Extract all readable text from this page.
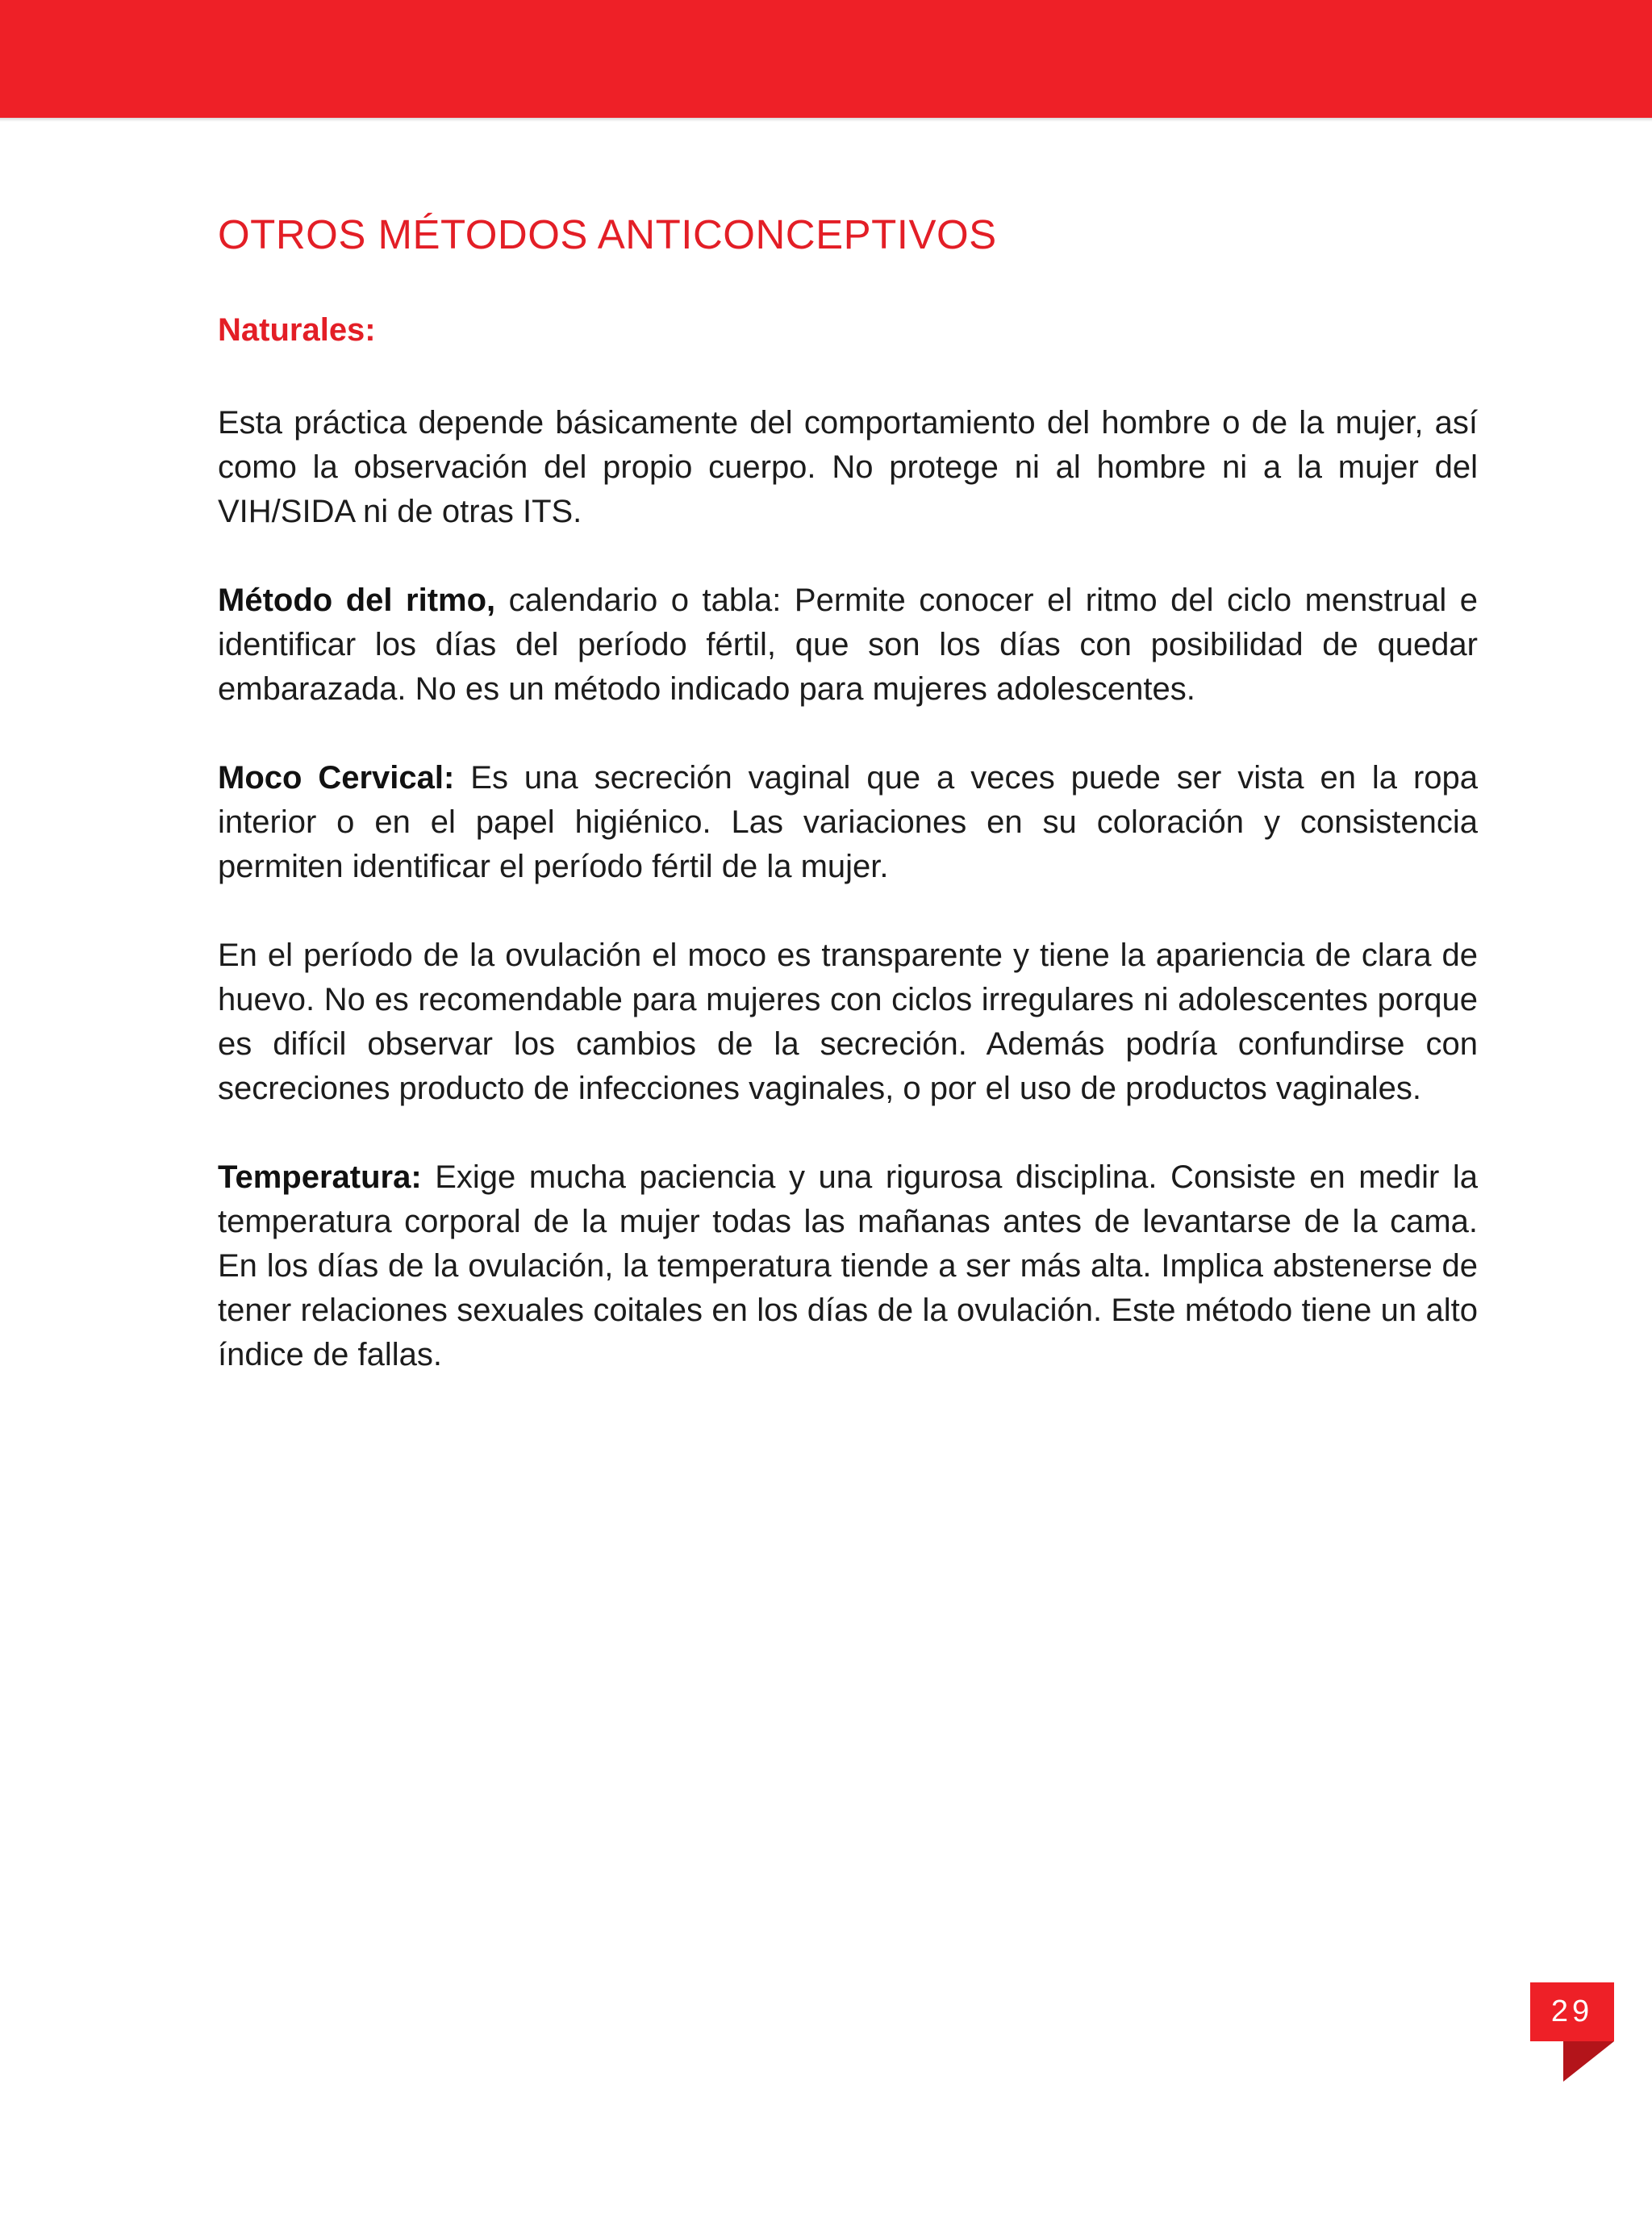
OTROS MÉTODOS ANTICONCEPTIVOS
Naturales:

Esta práctica depende básicamente del comportamiento del hombre o de la mujer, así como la observación del propio cuerpo. No protege ni al hombre ni a la mujer del VIH/SIDA ni de otras ITS.

Método del ritmo, calendario o tabla: Permite conocer el ritmo del ciclo menstrual e identificar los días del período fértil, que son los días con posibilidad de quedar embarazada. No es un método indicado para mujeres adolescentes.

Moco Cervical: Es una secreción vaginal que a veces puede ser vista en la ropa interior o en el papel higiénico. Las variaciones en su coloración y consistencia permiten identificar el período fértil de la mujer.

En el período de la ovulación el moco es transparente y tiene la apariencia de clara de huevo. No es recomendable para mujeres con ciclos irregulares ni adolescentes porque es difícil observar los cambios de la secreción. Además podría confundirse con secreciones producto de infecciones vaginales, o por el uso de productos vaginales.

Temperatura: Exige mucha paciencia y una rigurosa disciplina. Consiste en medir la temperatura corporal de la mujer todas las mañanas antes de levantarse de la cama. En los días de la ovulación, la temperatura tiende a ser más alta. Implica abstenerse de tener relaciones sexuales coitales en los días de la ovulación. Este método tiene un alto índice de fallas.

29
